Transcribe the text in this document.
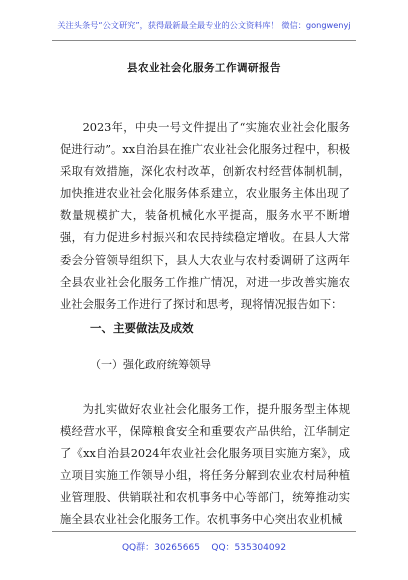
关注头条号“公文研究”，获得最新最全最专业的公文资料库！ 微信：gongwenyj
县农业社会化服务工作调研报告

2023年，中央一号文件提出了“实施农业社会化服务促进行动”。xx自治县在推广农业社会化服务过程中，积极采取有效措施，深化农村改革，创新农村经营体制机制，加快推进农业社会化服务体系建立，农业服务主体出现了数量规模扩大，装备机械化水平提高，服务水平不断增强，有力促进乡村振兴和农民持续稳定增收。在县人大常委会分管领导组织下，县人大农业与农村委调研了这两年全县农业社会化服务工作推广情况，对进一步改善实施农业社会服务工作进行了探讨和思考，现将情况报告如下：

一、主要做法及成效
（一）强化政府统筹领导

为扎实做好农业社会化服务工作，提升服务型主体规模经营水平，保障粮食安全和重要农产品供给，江华制定了《xx自治县2024年农业社会化服务项目实施方案》，成立项目实施工作领导小组，将任务分解到农业农村局种植业管理股、供销联社和农机事务中心等部门，统筹推动实施全县农业社会化服务工作。农机事务中心突出农业机械

QQ群：30265665    QQ：535304092
